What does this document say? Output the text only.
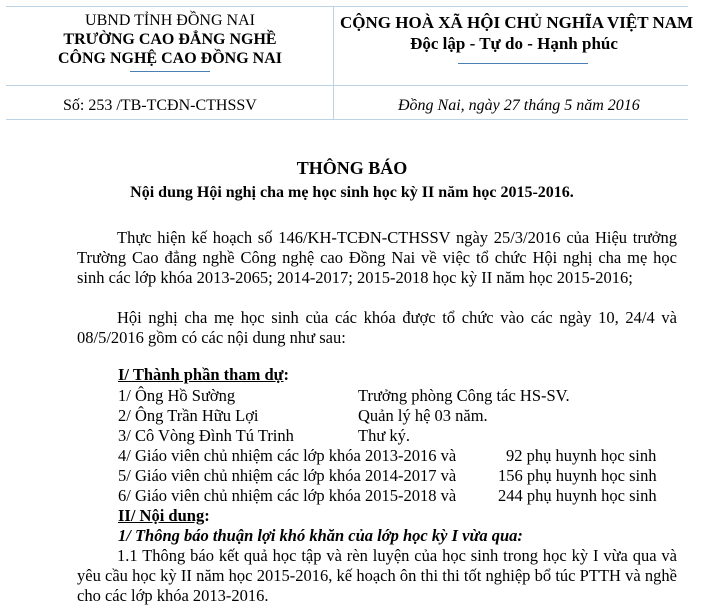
UBND TỈNH ĐỒNG NAI
TRƯỜNG CAO ĐẲNG NGHỀ
CÔNG NGHỆ CAO ĐỒNG NAI
CỘNG HOÀ XÃ HỘI CHỦ NGHĨA VIỆT NAM
Độc lập - Tự do - Hạnh phúc
Số: 253 /TB-TCĐN-CTHSSV	Đồng Nai, ngày 27 tháng 5 năm 2016
THÔNG BÁO
Nội dung Hội nghị cha mẹ học sinh học kỳ II năm học 2015-2016.
Thực hiện kế hoạch số 146/KH-TCĐN-CTHSSV ngày 25/3/2016 của Hiệu trưởng Trường Cao đẳng nghề Công nghệ cao Đồng Nai về việc tổ chức Hội nghị cha mẹ học sinh các lớp khóa 2013-2065; 2014-2017; 2015-2018 học kỳ II năm học 2015-2016;
Hội nghị cha mẹ học sinh của các khóa được tổ chức vào các ngày 10, 24/4 và 08/5/2016 gồm có các nội dung như sau:
I/ Thành phần tham dự:
1/ Ông Hồ Sường	Trưởng phòng Công tác HS-SV.
2/ Ông Trần Hữu Lợi	Quản lý hệ 03 năm.
3/ Cô Vòng Đình Tú Trinh	Thư ký.
4/ Giáo viên chủ nhiệm các lớp khóa 2013-2016 và	92 phụ huynh học sinh
5/ Giáo viên chủ nhiệm các lớp khóa 2014-2017 và	156 phụ huynh học sinh
6/ Giáo viên chủ nhiệm các lớp khóa 2015-2018 và	244 phụ huynh học sinh
II/ Nội dung:
1/ Thông báo thuận lợi khó khăn của lớp học kỳ I vừa qua:
1.1 Thông báo kết quả học tập và rèn luyện của học sinh trong học kỳ I vừa qua và yêu cầu học kỳ II năm học 2015-2016, kế hoạch ôn thi thi tốt nghiệp bổ túc PTTH và nghề cho các lớp khóa 2013-2016.
